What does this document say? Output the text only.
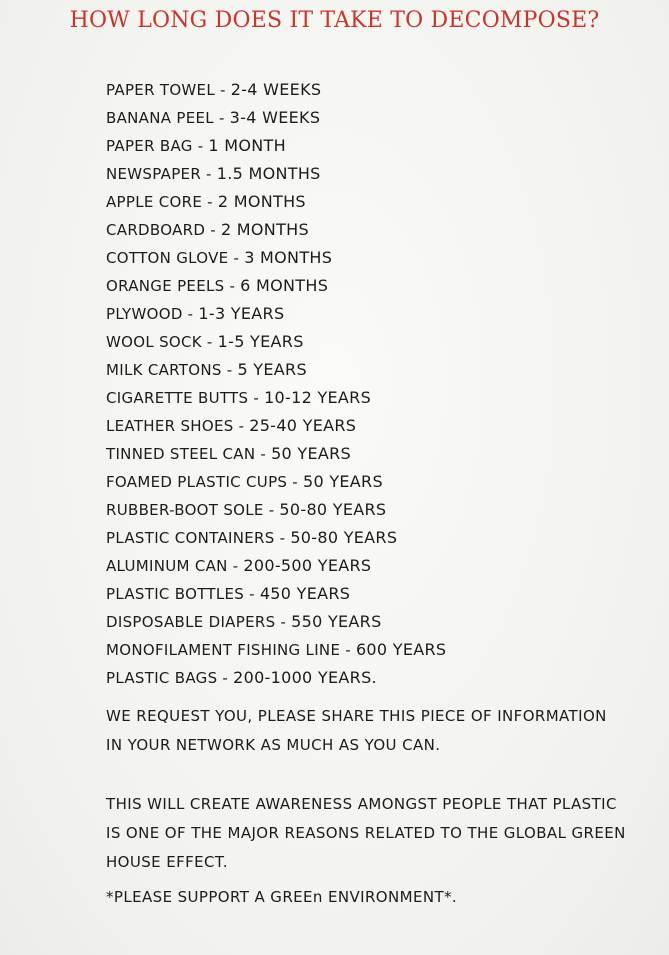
HOW LONG DOES IT TAKE TO DECOMPOSE?
PAPER TOWEL - 2-4 WEEKS
BANANA PEEL - 3-4 WEEKS
PAPER BAG - 1 MONTH
NEWSPAPER - 1.5 MONTHS
APPLE CORE - 2 MONTHS
CARDBOARD - 2 MONTHS
COTTON GLOVE - 3 MONTHS
ORANGE PEELS - 6 MONTHS
PLYWOOD - 1-3 YEARS
WOOL SOCK - 1-5 YEARS
MILK CARTONS - 5 YEARS
CIGARETTE BUTTS - 10-12 YEARS
LEATHER SHOES - 25-40 YEARS
TINNED STEEL CAN - 50 YEARS
FOAMED PLASTIC CUPS - 50 YEARS
RUBBER-BOOT SOLE - 50-80 YEARS
PLASTIC CONTAINERS - 50-80 YEARS
ALUMINUM CAN - 200-500 YEARS
PLASTIC BOTTLES - 450 YEARS
DISPOSABLE DIAPERS - 550 YEARS
MONOFILAMENT FISHING LINE - 600 YEARS
PLASTIC BAGS - 200-1000 YEARS.

WE REQUEST YOU, PLEASE SHARE THIS PIECE OF INFORMATION IN YOUR NETWORK AS MUCH AS YOU CAN.

THIS WILL CREATE AWARENESS AMONGST PEOPLE THAT PLASTIC IS ONE OF THE MAJOR REASONS RELATED TO THE GLOBAL GREEN HOUSE EFFECT.

*PLEASE SUPPORT A GREEn ENVIRONMENT*.
